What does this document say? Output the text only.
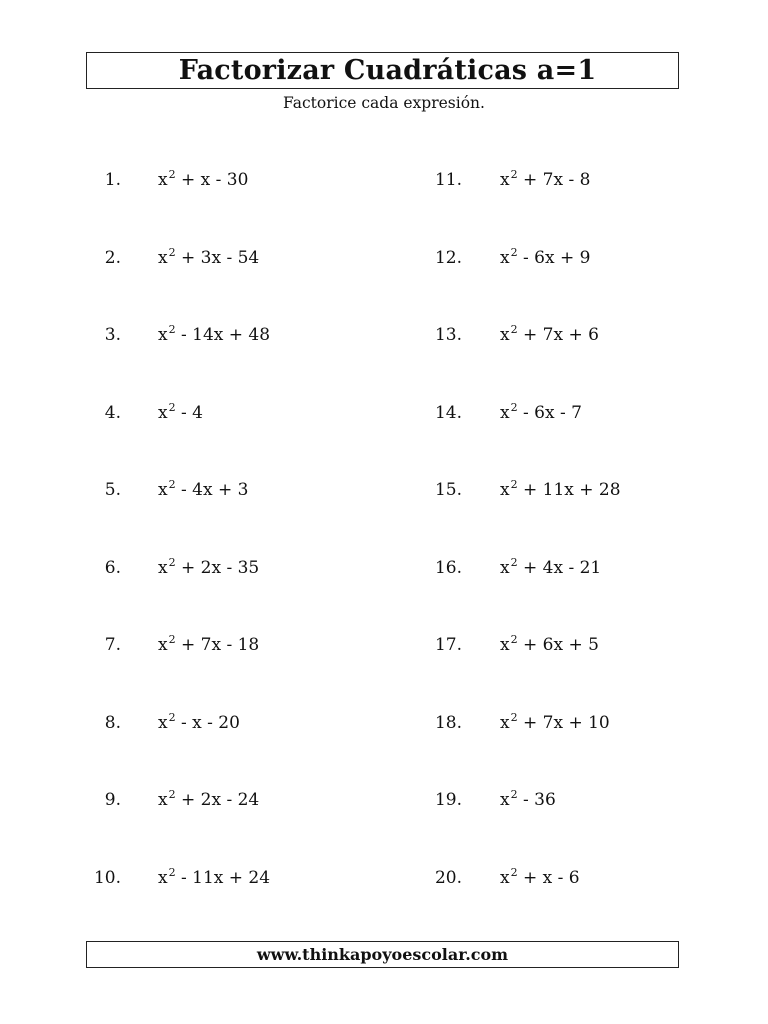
Factorizar Cuadráticas a=1
Factorice cada expresión.
1. $x^2 + x - 30$
2. $x^2 + 3x - 54$
3. $x^2 - 14x + 48$
4. $x^2 - 4$
5. $x^2 - 4x + 3$
6. $x^2 + 2x - 35$
7. $x^2 + 7x - 18$
8. $x^2$ - x - 20
9. $x^2 + 2x - 24$
10. $x^2 - 11x + 24$
11. $x^2 + 7x - 8$
12. $x^2 - 6x + 9$
13. $x^2 + 7x + 6$
14. $x^2 - 6x - 7$
15. $x^2 + 11x + 28$
16. $x^2 + 4x - 21$
17. $x^2 + 6x + 5$
18. $x^2 + 7x + 10$
19. $x^2 - 36$
20. $x^2 + x - 6$
www.thinkapoyoescolar.com
